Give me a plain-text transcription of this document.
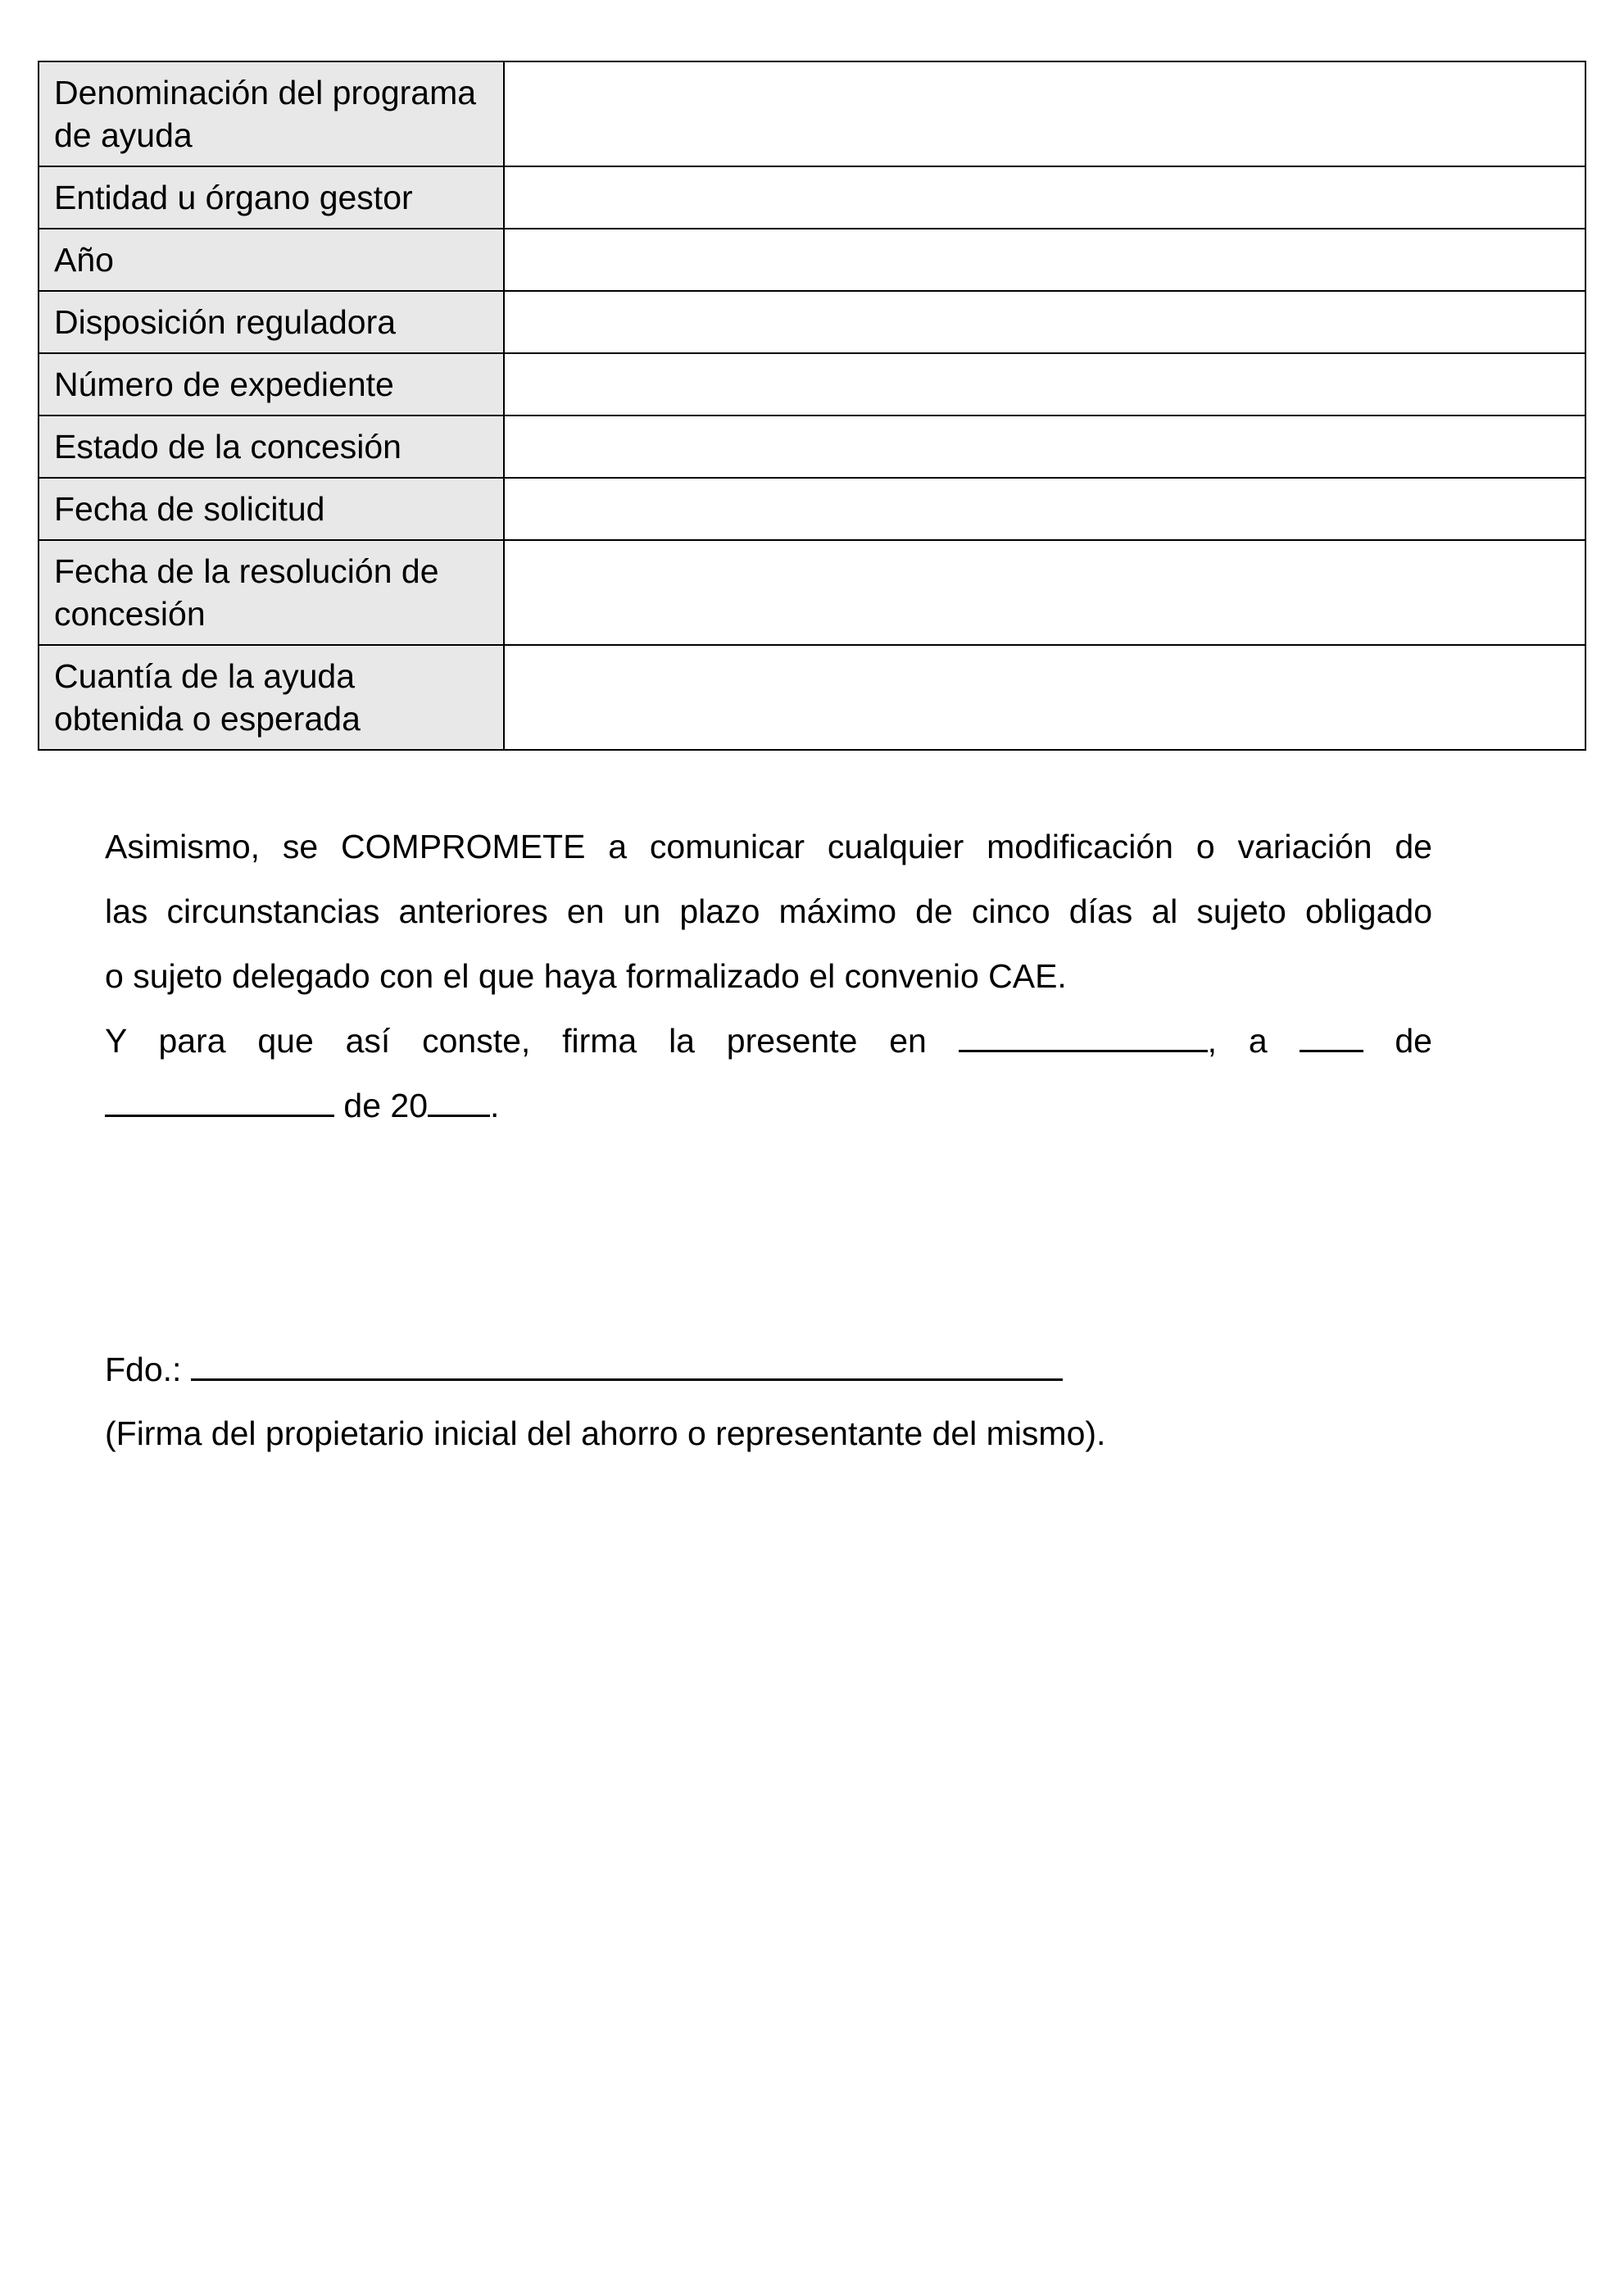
Denominación del programa de ayuda	
Entidad u órgano gestor	
Año	
Disposición reguladora	
Número de expediente	
Estado de la concesión	
Fecha de solicitud	
Fecha de la resolución de concesión	
Cuantía de la ayuda obtenida o esperada	

Asimismo, se COMPROMETE a comunicar cualquier modificación o variación de

las circunstancias anteriores en un plazo máximo de cinco días al sujeto obligado

o sujeto delegado con el que haya formalizado el convenio CAE.

Y para que así conste, firma la presente en	, a	de

de 20 .

Fdo.:

(Firma del propietario inicial del ahorro o representante del mismo).
